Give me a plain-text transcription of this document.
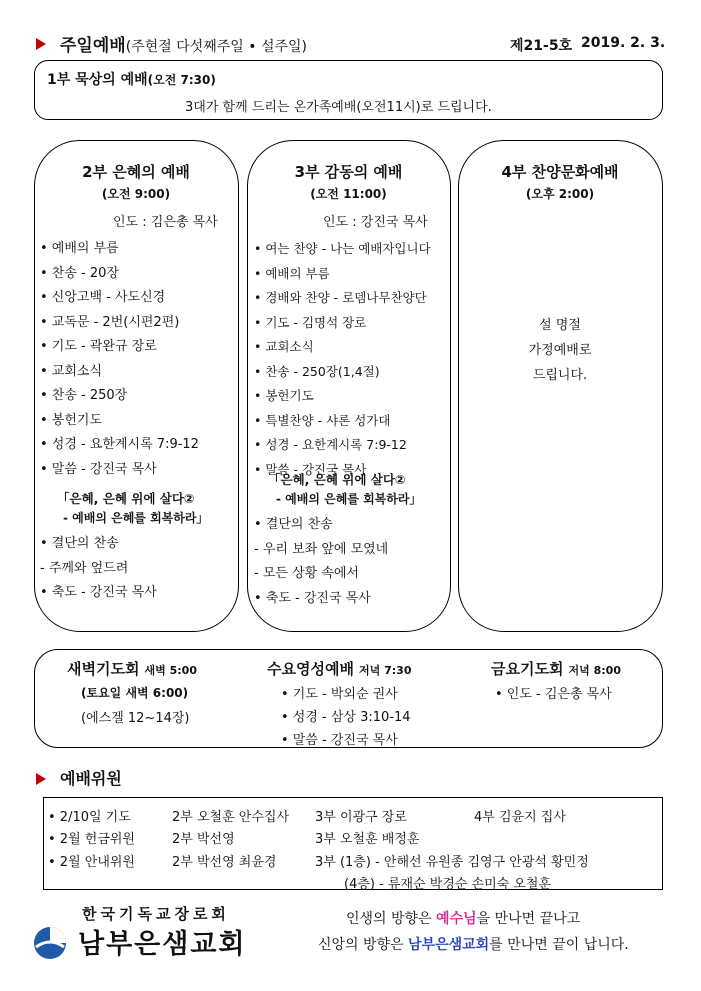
주일예배(주현절 다섯째주일 • 설주일)	제21-5호 2019. 2. 3.
1부 묵상의 예배(오전 7:30)
3대가 함께 드리는 온가족예배(오전11시)로 드립니다.
2부 은혜의 예배
(오전 9:00)
인도 : 김은총 목사
• 예배의 부름
• 찬송 - 20장
• 신앙고백 - 사도신경
• 교독문 - 2번(시편2편)
• 기도 - 곽완규 장로
• 교회소식
• 찬송 - 250장
• 봉헌기도
• 성경 - 요한계시록 7:9-12
• 말씀 - 강진국 목사
「은혜, 은혜 위에 살다②
- 예배의 은혜를 회복하라」
• 결단의 찬송
- 주께와 엎드려
• 축도 - 강진국 목사
3부 감동의 예배
(오전 11:00)
인도 : 강진국 목사
• 여는 찬양 - 나는 예배자입니다
• 예배의 부름
• 경배와 찬양 - 로뎀나무찬양단
• 기도 - 김명석 장로
• 교회소식
• 찬송 - 250장(1,4절)
• 봉헌기도
• 특별찬양 - 샤론 성가대
• 성경 - 요한계시록 7:9-12
• 말씀 - 강진국 목사
「은혜, 은혜 위에 살다②
- 예배의 은혜를 회복하라」
• 결단의 찬송
- 우리 보좌 앞에 모였네
- 모든 상황 속에서
• 축도 - 강진국 목사
4부 찬양문화예배
(오후 2:00)
설 명절
가정예배로
드립니다.
새벽기도회 새벽 5:00
(토요일 새벽 6:00)
(에스겔 12~14장)
수요영성예배 저녁 7:30
• 기도 - 박외순 권사
• 성경 - 삼상 3:10-14
• 말씀 - 강진국 목사
금요기도회 저녁 8:00
• 인도 - 김은총 목사
예배위원
• 2/10일 기도	2부 오철훈 안수집사 3부 이광구 장로	4부 김윤지 집사
• 2월 헌금위원	2부 박선영	3부 오철훈 배정훈
• 2월 안내위원	2부 박선영 최윤경	3부 (1층) - 안해선 유원종 김영구 안광석 황민정
(4층) - 류재순 박경순 손미숙 오철훈
한국기독교장로회
남부은샘교회
인생의 방향은 예수님을 만나면 끝나고
신앙의 방향은 남부은샘교회를 만나면 끝이 납니다.
